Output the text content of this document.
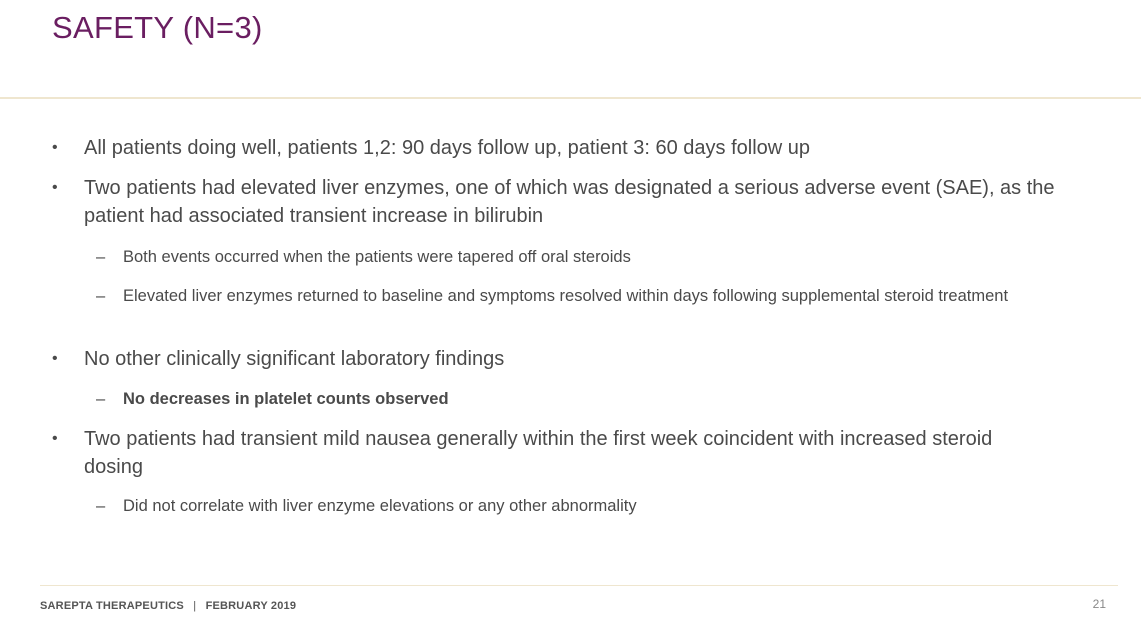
SAFETY (N=3)
• All patients doing well, patients 1,2: 90 days follow up, patient 3: 60 days follow up
• Two patients had elevated liver enzymes, one of which was designated a serious adverse event (SAE), as the patient had associated transient increase in bilirubin
– Both events occurred when the patients were tapered off oral steroids
– Elevated liver enzymes returned to baseline and symptoms resolved within days following supplemental steroid treatment
• No other clinically significant laboratory findings
– No decreases in platelet counts observed
• Two patients had transient mild nausea generally within the first week coincident with increased steroid dosing
– Did not correlate with liver enzyme elevations or any other abnormality
SAREPTA THERAPEUTICS | FEBRUARY 2019	21
